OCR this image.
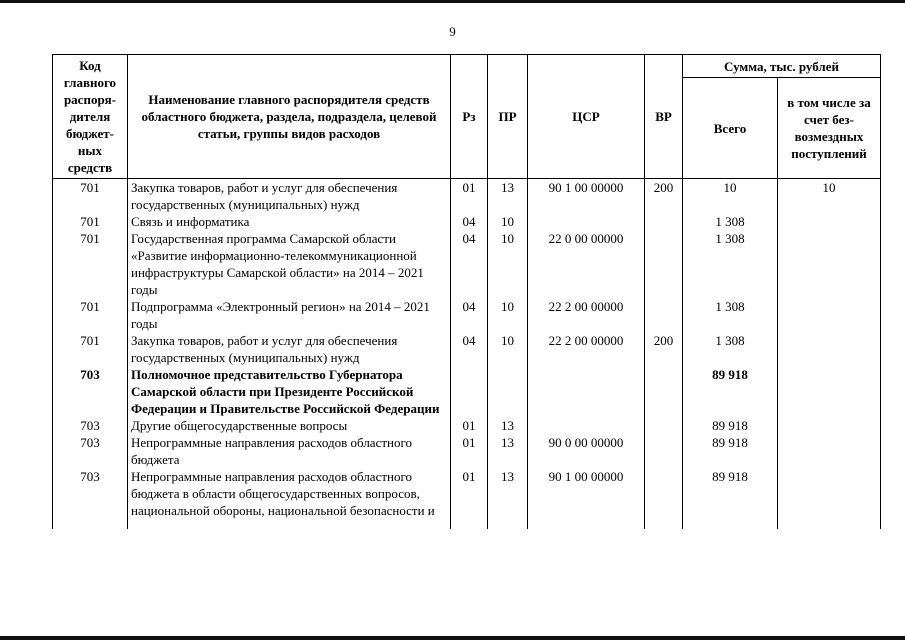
9
Код главного распоря-дителя бюджет-ных средств	Наименование главного распорядителя средств областного бюджета, раздела, подраздела, целевой статьи, группы видов расходов	Рз	ПР	ЦСР	ВР	Сумма, тыс. рублей	
						Всего	в том числе за счет без-возмездных поступлений
701	Закупка товаров, работ и услуг для обеспечения государственных (муниципальных) нужд	01	13	90 1 00 00000	200	10	10
701	Связь и информатика	04	10			1 308	
701	Государственная программа Самарской области «Развитие информационно-телекоммуникационной инфраструктуры Самарской области» на 2014 – 2021 годы	04	10	22 0 00 00000		1 308	
701	Подпрограмма «Электронный регион» на 2014 – 2021 годы	04	10	22 2 00 00000		1 308	
701	Закупка товаров, работ и услуг для обеспечения государственных (муниципальных) нужд	04	10	22 2 00 00000	200	1 308	
703	Полномочное представительство Губернатора Самарской области при Президенте Российской Федерации и Правительстве Российской Федерации					89 918	
703	Другие общегосударственные вопросы	01	13			89 918	
703	Непрограммные направления расходов областного бюджета	01	13	90 0 00 00000		89 918	
703	Непрограммные направления расходов областного бюджета в области общегосударственных вопросов, национальной обороны, национальной безопасности и	01	13	90 1 00 00000		89 918	
